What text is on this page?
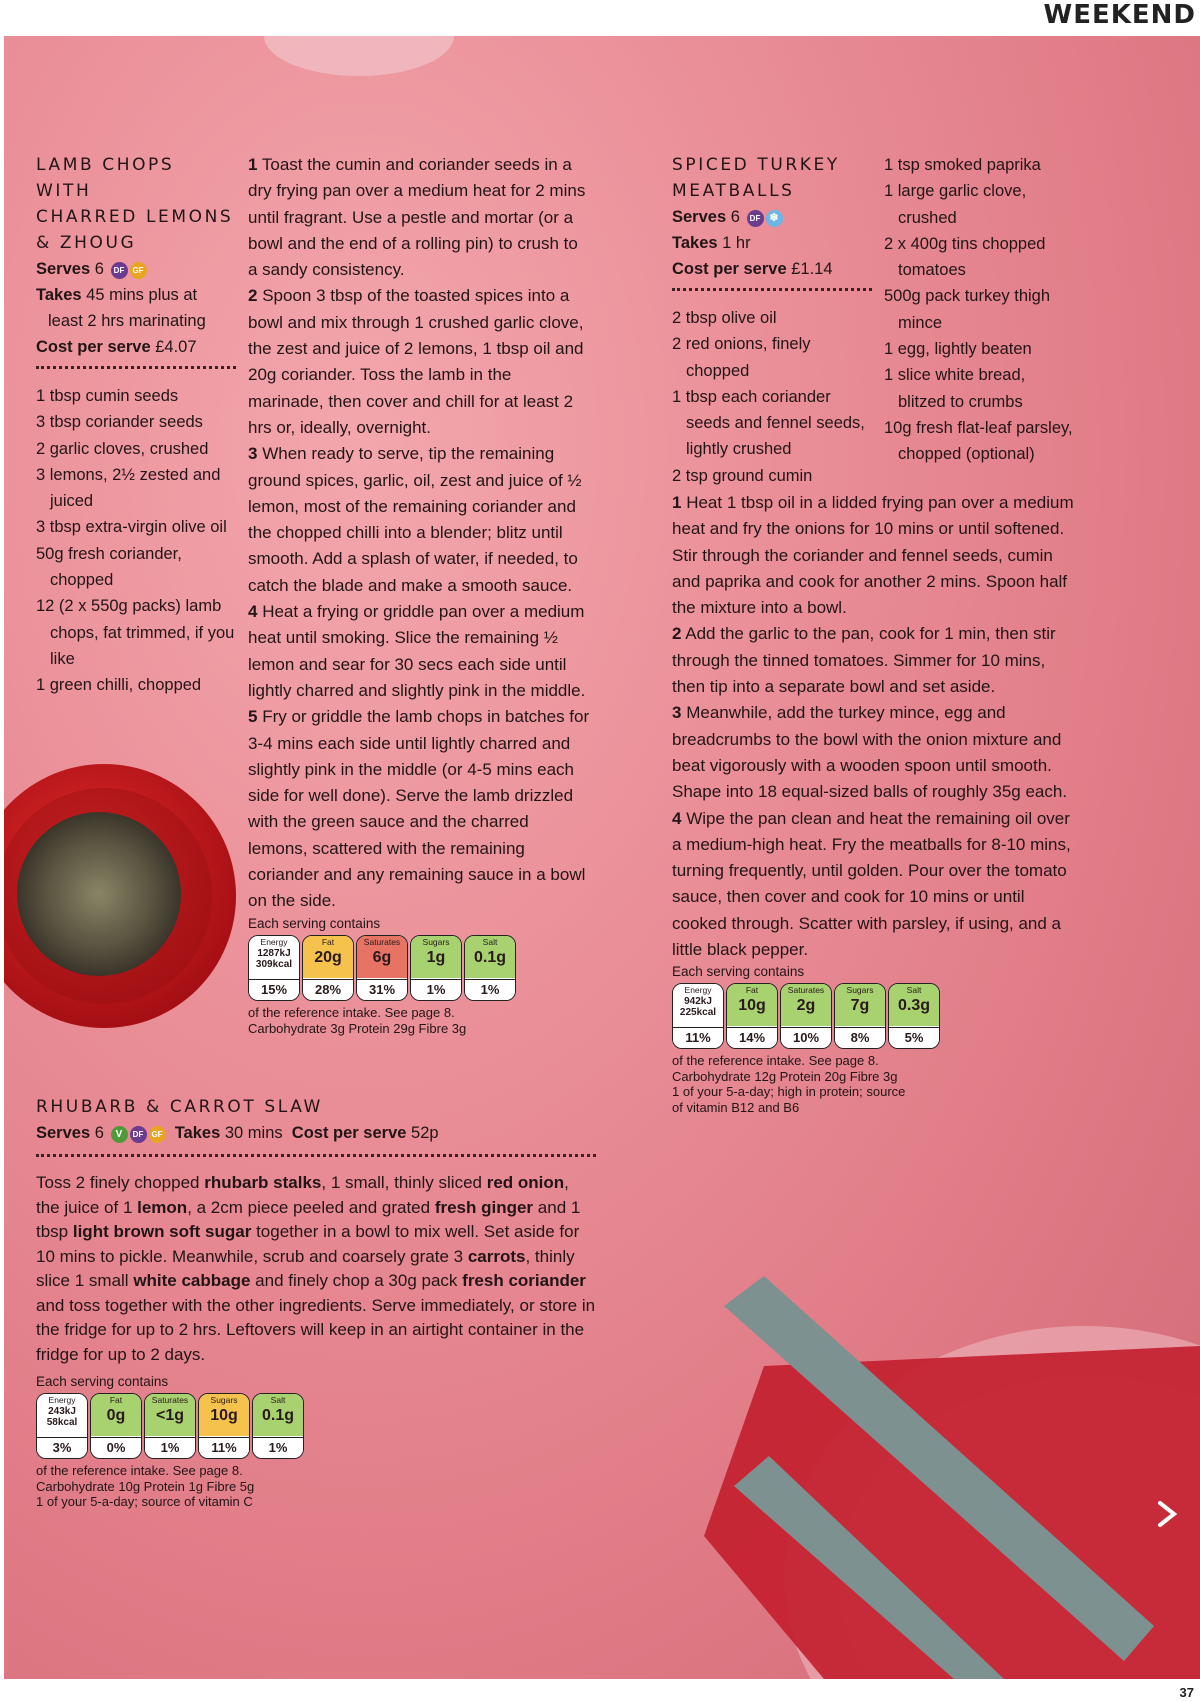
WEEKEND
LAMB CHOPS WITH
CHARRED LEMONS
& ZHOUG
Serves 6 DF GF
Takes 45 mins plus at least 2 hrs marinating
Cost per serve £4.07
1 tbsp cumin seeds
3 tbsp coriander seeds
2 garlic cloves, crushed
3 lemons, 2½ zested and juiced
3 tbsp extra-virgin olive oil
50g fresh coriander, chopped
12 (2 x 550g packs) lamb chops, fat trimmed, if you like
1 green chilli, chopped

1 Toast the cumin and coriander seeds in a dry frying pan over a medium heat for 2 mins until fragrant. Use a pestle and mortar (or a bowl and the end of a rolling pin) to crush to a sandy consistency.

2 Spoon 3 tbsp of the toasted spices into a bowl and mix through 1 crushed garlic clove, the zest and juice of 2 lemons, 1 tbsp oil and 20g coriander. Toss the lamb in the marinade, then cover and chill for at least 2 hrs or, ideally, overnight.

3 When ready to serve, tip the remaining ground spices, garlic, oil, zest and juice of ½ lemon, most of the remaining coriander and the chopped chilli into a blender; blitz until smooth. Add a splash of water, if needed, to catch the blade and make a smooth sauce.

4 Heat a frying or griddle pan over a medium heat until smoking. Slice the remaining ½ lemon and sear for 30 secs each side until lightly charred and slightly pink in the middle.

5 Fry or griddle the lamb chops in batches for 3-4 mins each side until lightly charred and slightly pink in the middle (or 4-5 mins each side for well done). Serve the lamb drizzled with the green sauce and the charred lemons, scattered with the remaining coriander and any remaining sauce in a bowl on the side.

Each serving contains
Energy
1287kJ
309kcal
15%
Fat
20g
28%
Saturates
6g
31%
Sugars
1g
1%
Salt
0.1g
1%
of the reference intake. See page 8.
Carbohydrate 3g Protein 29g Fibre 3g
SPICED TURKEY
MEATBALLS
Serves 6 DF ❄
Takes 1 hr
Cost per serve £1.14
2 tbsp olive oil
2 red onions, finely chopped
1 tbsp each coriander seeds and fennel seeds, lightly crushed
2 tsp ground cumin
1 tsp smoked paprika
1 large garlic clove, crushed
2 x 400g tins chopped tomatoes
500g pack turkey thigh mince
1 egg, lightly beaten
1 slice white bread, blitzed to crumbs
10g fresh flat-leaf parsley, chopped (optional)

1 Heat 1 tbsp oil in a lidded frying pan over a medium heat and fry the onions for 10 mins or until softened. Stir through the coriander and fennel seeds, cumin and paprika and cook for another 2 mins. Spoon half the mixture into a bowl.

2 Add the garlic to the pan, cook for 1 min, then stir through the tinned tomatoes. Simmer for 10 mins, then tip into a separate bowl and set aside.

3 Meanwhile, add the turkey mince, egg and breadcrumbs to the bowl with the onion mixture and beat vigorously with a wooden spoon until smooth. Shape into 18 equal-sized balls of roughly 35g each.

4 Wipe the pan clean and heat the remaining oil over a medium-high heat. Fry the meatballs for 8-10 mins, turning frequently, until golden. Pour over the tomato sauce, then cover and cook for 10 mins or until cooked through. Scatter with parsley, if using, and a little black pepper.

Each serving contains
Energy
942kJ
225kcal
11%
Fat
10g
14%
Saturates
2g
10%
Sugars
7g
8%
Salt
0.3g
5%
of the reference intake. See page 8.
Carbohydrate 12g Protein 20g Fibre 3g
1 of your 5-a-day; high in protein; source
of vitamin B12 and B6
RHUBARB & CARROT SLAW
Serves 6 V DF GF Takes 30 mins Cost per serve 52p
Toss 2 finely chopped rhubarb stalks, 1 small, thinly sliced red onion, the juice of 1 lemon, a 2cm piece peeled and grated fresh ginger and 1 tbsp light brown soft sugar together in a bowl to mix well. Set aside for 10 mins to pickle. Meanwhile, scrub and coarsely grate 3 carrots, thinly slice 1 small white cabbage and finely chop a 30g pack fresh coriander and toss together with the other ingredients. Serve immediately, or store in the fridge for up to 2 hrs. Leftovers will keep in an airtight container in the fridge for up to 2 days.
Each serving contains
Energy
243kJ
58kcal
3%
Fat
0g
0%
Saturates
<1g
1%
Sugars
10g
11%
Salt
0.1g
1%
of the reference intake. See page 8.
Carbohydrate 10g Protein 1g Fibre 5g
1 of your 5-a-day; source of vitamin C
37
